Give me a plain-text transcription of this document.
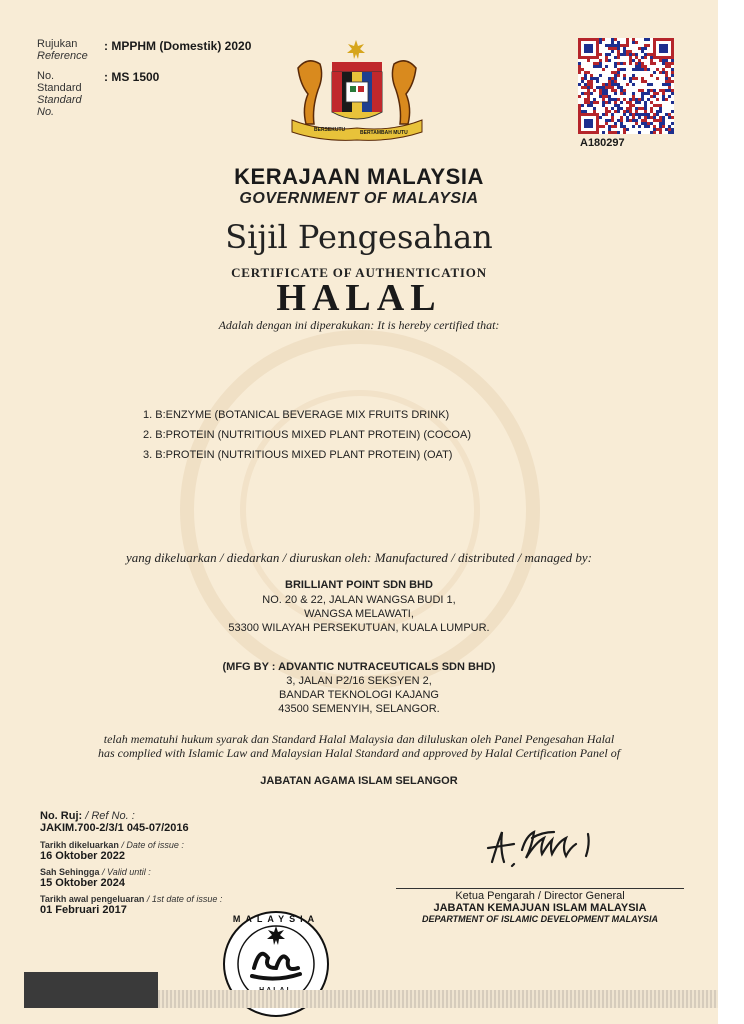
Rujukan
Reference
: MPPHM (Domestik) 2020
No.
Standard
Standard
No.
: MS 1500
BERSEKUTU	BERTAMBAH MUTU
A180297
KERAJAAN MALAYSIA
GOVERNMENT OF MALAYSIA
Sijil Pengesahan
CERTIFICATE OF AUTHENTICATION
HALAL
Adalah dengan ini diperakukan: It is hereby certified that:
1. B:ENZYME (BOTANICAL BEVERAGE MIX FRUITS DRINK)
2. B:PROTEIN (NUTRITIOUS MIXED PLANT PROTEIN) (COCOA)
3. B:PROTEIN (NUTRITIOUS MIXED PLANT PROTEIN) (OAT)
yang dikeluarkan / diedarkan / diuruskan oleh: Manufactured / distributed / managed by:
BRILLIANT POINT SDN BHD
NO. 20 & 22, JALAN WANGSA BUDI 1,
WANGSA MELAWATI,
53300 WILAYAH PERSEKUTUAN, KUALA LUMPUR.
(MFG BY : ADVANTIC NUTRACEUTICALS SDN BHD)
3, JALAN P2/16 SEKSYEN 2,
BANDAR TEKNOLOGI KAJANG
43500 SEMENYIH, SELANGOR.
telah mematuhi hukum syarak dan Standard Halal Malaysia dan diluluskan oleh Panel Pengesahan Halal
has complied with Islamic Law and Malaysian Halal Standard and approved by Halal Certification Panel of
JABATAN AGAMA ISLAM SELANGOR
No. Ruj: / Ref No. :
JAKIM.700-2/3/1 045-07/2016
Tarikh dikeluarkan / Date of issue :
16 Oktober 2022
Sah Sehingga / Valid until :
15 Oktober 2024
Tarikh awal pengeluaran / 1st date of issue :
01 Februari 2017
Ketua Pengarah / Director General
JABATAN KEMAJUAN ISLAM MALAYSIA
DEPARTMENT OF ISLAMIC DEVELOPMENT MALAYSIA
MALAYSIA
